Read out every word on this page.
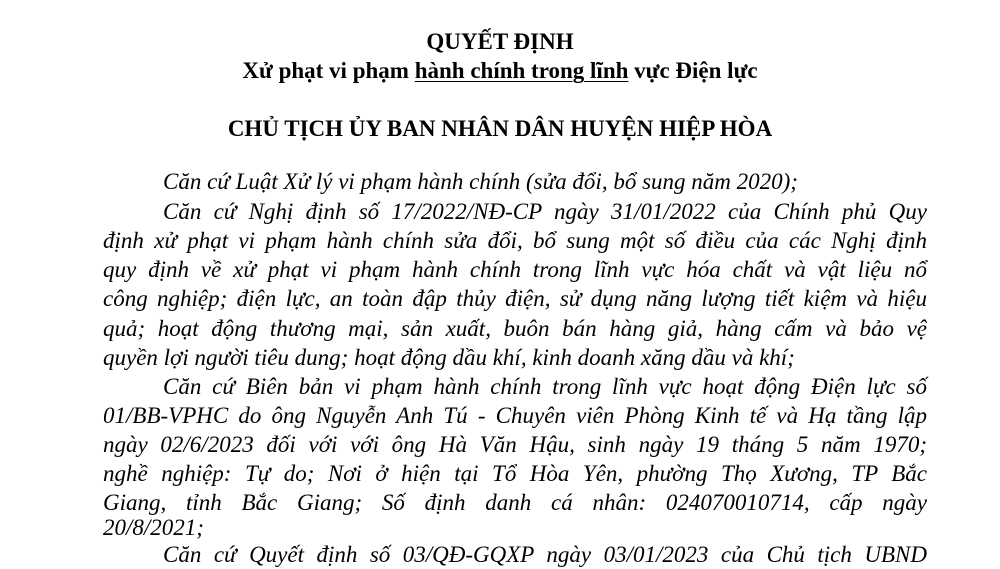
QUYẾT ĐỊNH
Xử phạt vi phạm hành chính trong lĩnh vực Điện lực
CHỦ TỊCH ỦY BAN NHÂN DÂN HUYỆN HIỆP HÒA
Căn cứ Luật Xử lý vi phạm hành chính (sửa đổi, bổ sung năm 2020);
Căn cứ Nghị định số 17/2022/NĐ-CP ngày 31/01/2022 của Chính phủ Quy
định xử phạt vi phạm hành chính sửa đổi, bổ sung một số điều của các Nghị định
quy định về xử phạt vi phạm hành chính trong lĩnh vực hóa chất và vật liệu nổ
công nghiệp; điện lực, an toàn đập thủy điện, sử dụng năng lượng tiết kiệm và hiệu
quả; hoạt động thương mại, sản xuất, buôn bán hàng giả, hàng cấm và bảo vệ
quyền lợi người tiêu dung; hoạt động dầu khí, kinh doanh xăng dầu và khí;
Căn cứ Biên bản vi phạm hành chính trong lĩnh vực hoạt động Điện lực số
01/BB-VPHC do ông Nguyễn Anh Tú - Chuyên viên Phòng Kinh tế và Hạ tầng lập
ngày 02/6/2023 đối với với ông Hà Văn Hậu, sinh ngày 19 tháng 5 năm 1970;
nghề nghiệp: Tự do; Nơi ở hiện tại Tổ Hòa Yên, phường Thọ Xương, TP Bắc
Giang, tỉnh Bắc Giang; Số định danh cá nhân: 024070010714, cấp ngày
20/8/2021;
Căn cứ Quyết định số 03/QĐ-GQXP ngày 03/01/2023 của Chủ tịch UBND
